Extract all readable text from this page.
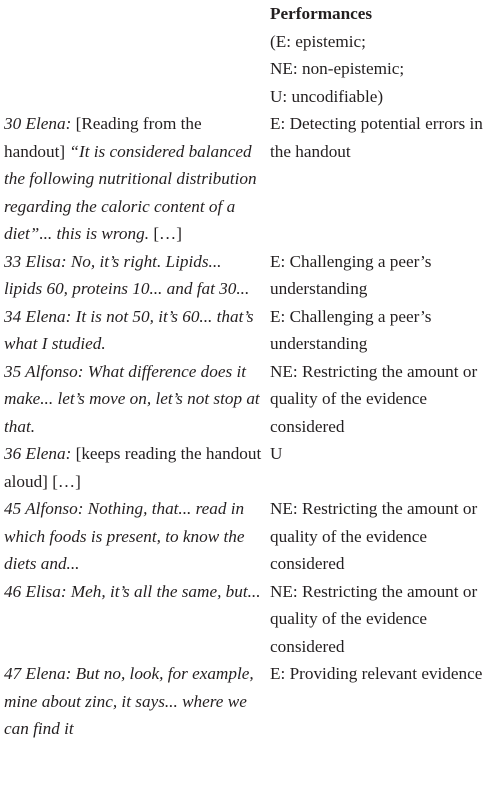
Performances
(E: epistemic;
NE: non-epistemic;
U: uncodifiable)
30 Elena: [Reading from the handout] “It is considered balanced the following nutritional distribution regarding the caloric content of a diet”... this is wrong. […]
E: Detecting potential errors in the handout
33 Elisa: No, it’s right. Lipids... lipids 60, proteins 10... and fat 30...
E: Challenging a peer’s understanding
34 Elena: It is not 50, it’s 60... that’s what I studied.
E: Challenging a peer’s understanding
35 Alfonso: What difference does it make... let’s move on, let’s not stop at that.
NE: Restricting the amount or quality of the evidence considered
36 Elena: [keeps reading the handout aloud] […]
U
45 Alfonso: Nothing, that... read in which foods is present, to know the diets and...
NE: Restricting the amount or quality of the evidence considered
46 Elisa: Meh, it’s all the same, but... NE: Restricting the amount or quality of the evidence considered
47 Elena: But no, look, for example, mine about zinc, it says... where we can find it
E: Providing relevant evidence
